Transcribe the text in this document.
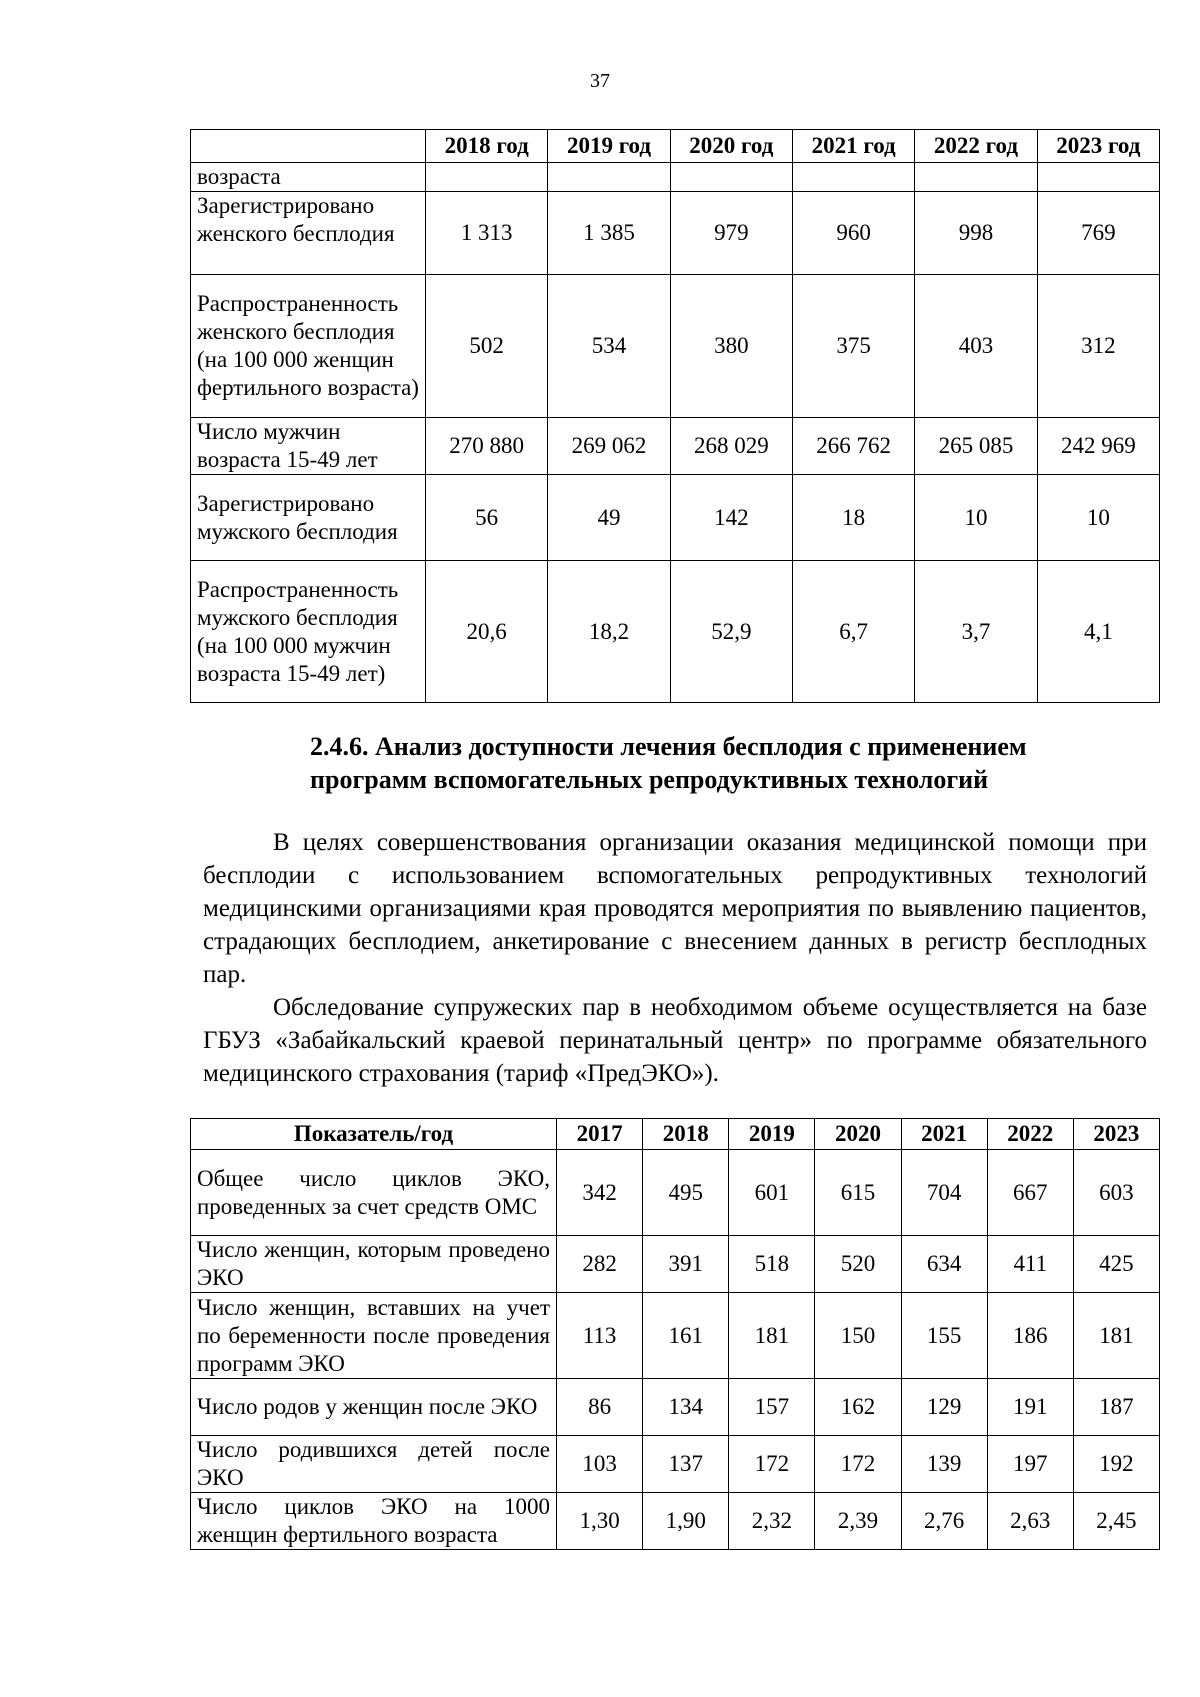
37
	2018 год	2019 год	2020 год	2021 год	2022 год	2023 год
возраста						
Зарегистрировано женского бесплодия	1 313	1 385	979	960	998	769
Распространенность женского бесплодия (на 100 000 женщин фертильного возраста)	502	534	380	375	403	312
Число мужчин возраста 15-49 лет	270 880	269 062	268 029	266 762	265 085	242 969
Зарегистрировано мужского бесплодия	56	49	142	18	10	10
Распространенность мужского бесплодия (на 100 000 мужчин возраста 15-49 лет)	20,6	18,2	52,9	6,7	3,7	4,1
2.4.6. Анализ доступности лечения бесплодия с применением программ вспомогательных репродуктивных технологий

В целях совершенствования организации оказания медицинской помощи при бесплодии с использованием вспомогательных репродуктивных технологий медицинскими организациями края проводятся мероприятия по выявлению пациентов, страдающих бесплодием, анкетирование с внесением данных в регистр бесплодных пар.

Обследование супружеских пар в необходимом объеме осуществляется на базе ГБУЗ «Забайкальский краевой перинатальный центр» по программе обязательного медицинского страхования (тариф «ПредЭКО»).

Показатель/год	2017	2018	2019	2020	2021	2022	2023
Общее число циклов ЭКО, проведенных за счет средств ОМС	342	495	601	615	704	667	603
Число женщин, которым проведено ЭКО	282	391	518	520	634	411	425
Число женщин, вставших на учет по беременности после проведения программ ЭКО	113	161	181	150	155	186	181
Число родов у женщин после ЭКО	86	134	157	162	129	191	187
Число родившихся детей после ЭКО	103	137	172	172	139	197	192
Число циклов ЭКО на 1000 женщин фертильного возраста	1,30	1,90	2,32	2,39	2,76	2,63	2,45
